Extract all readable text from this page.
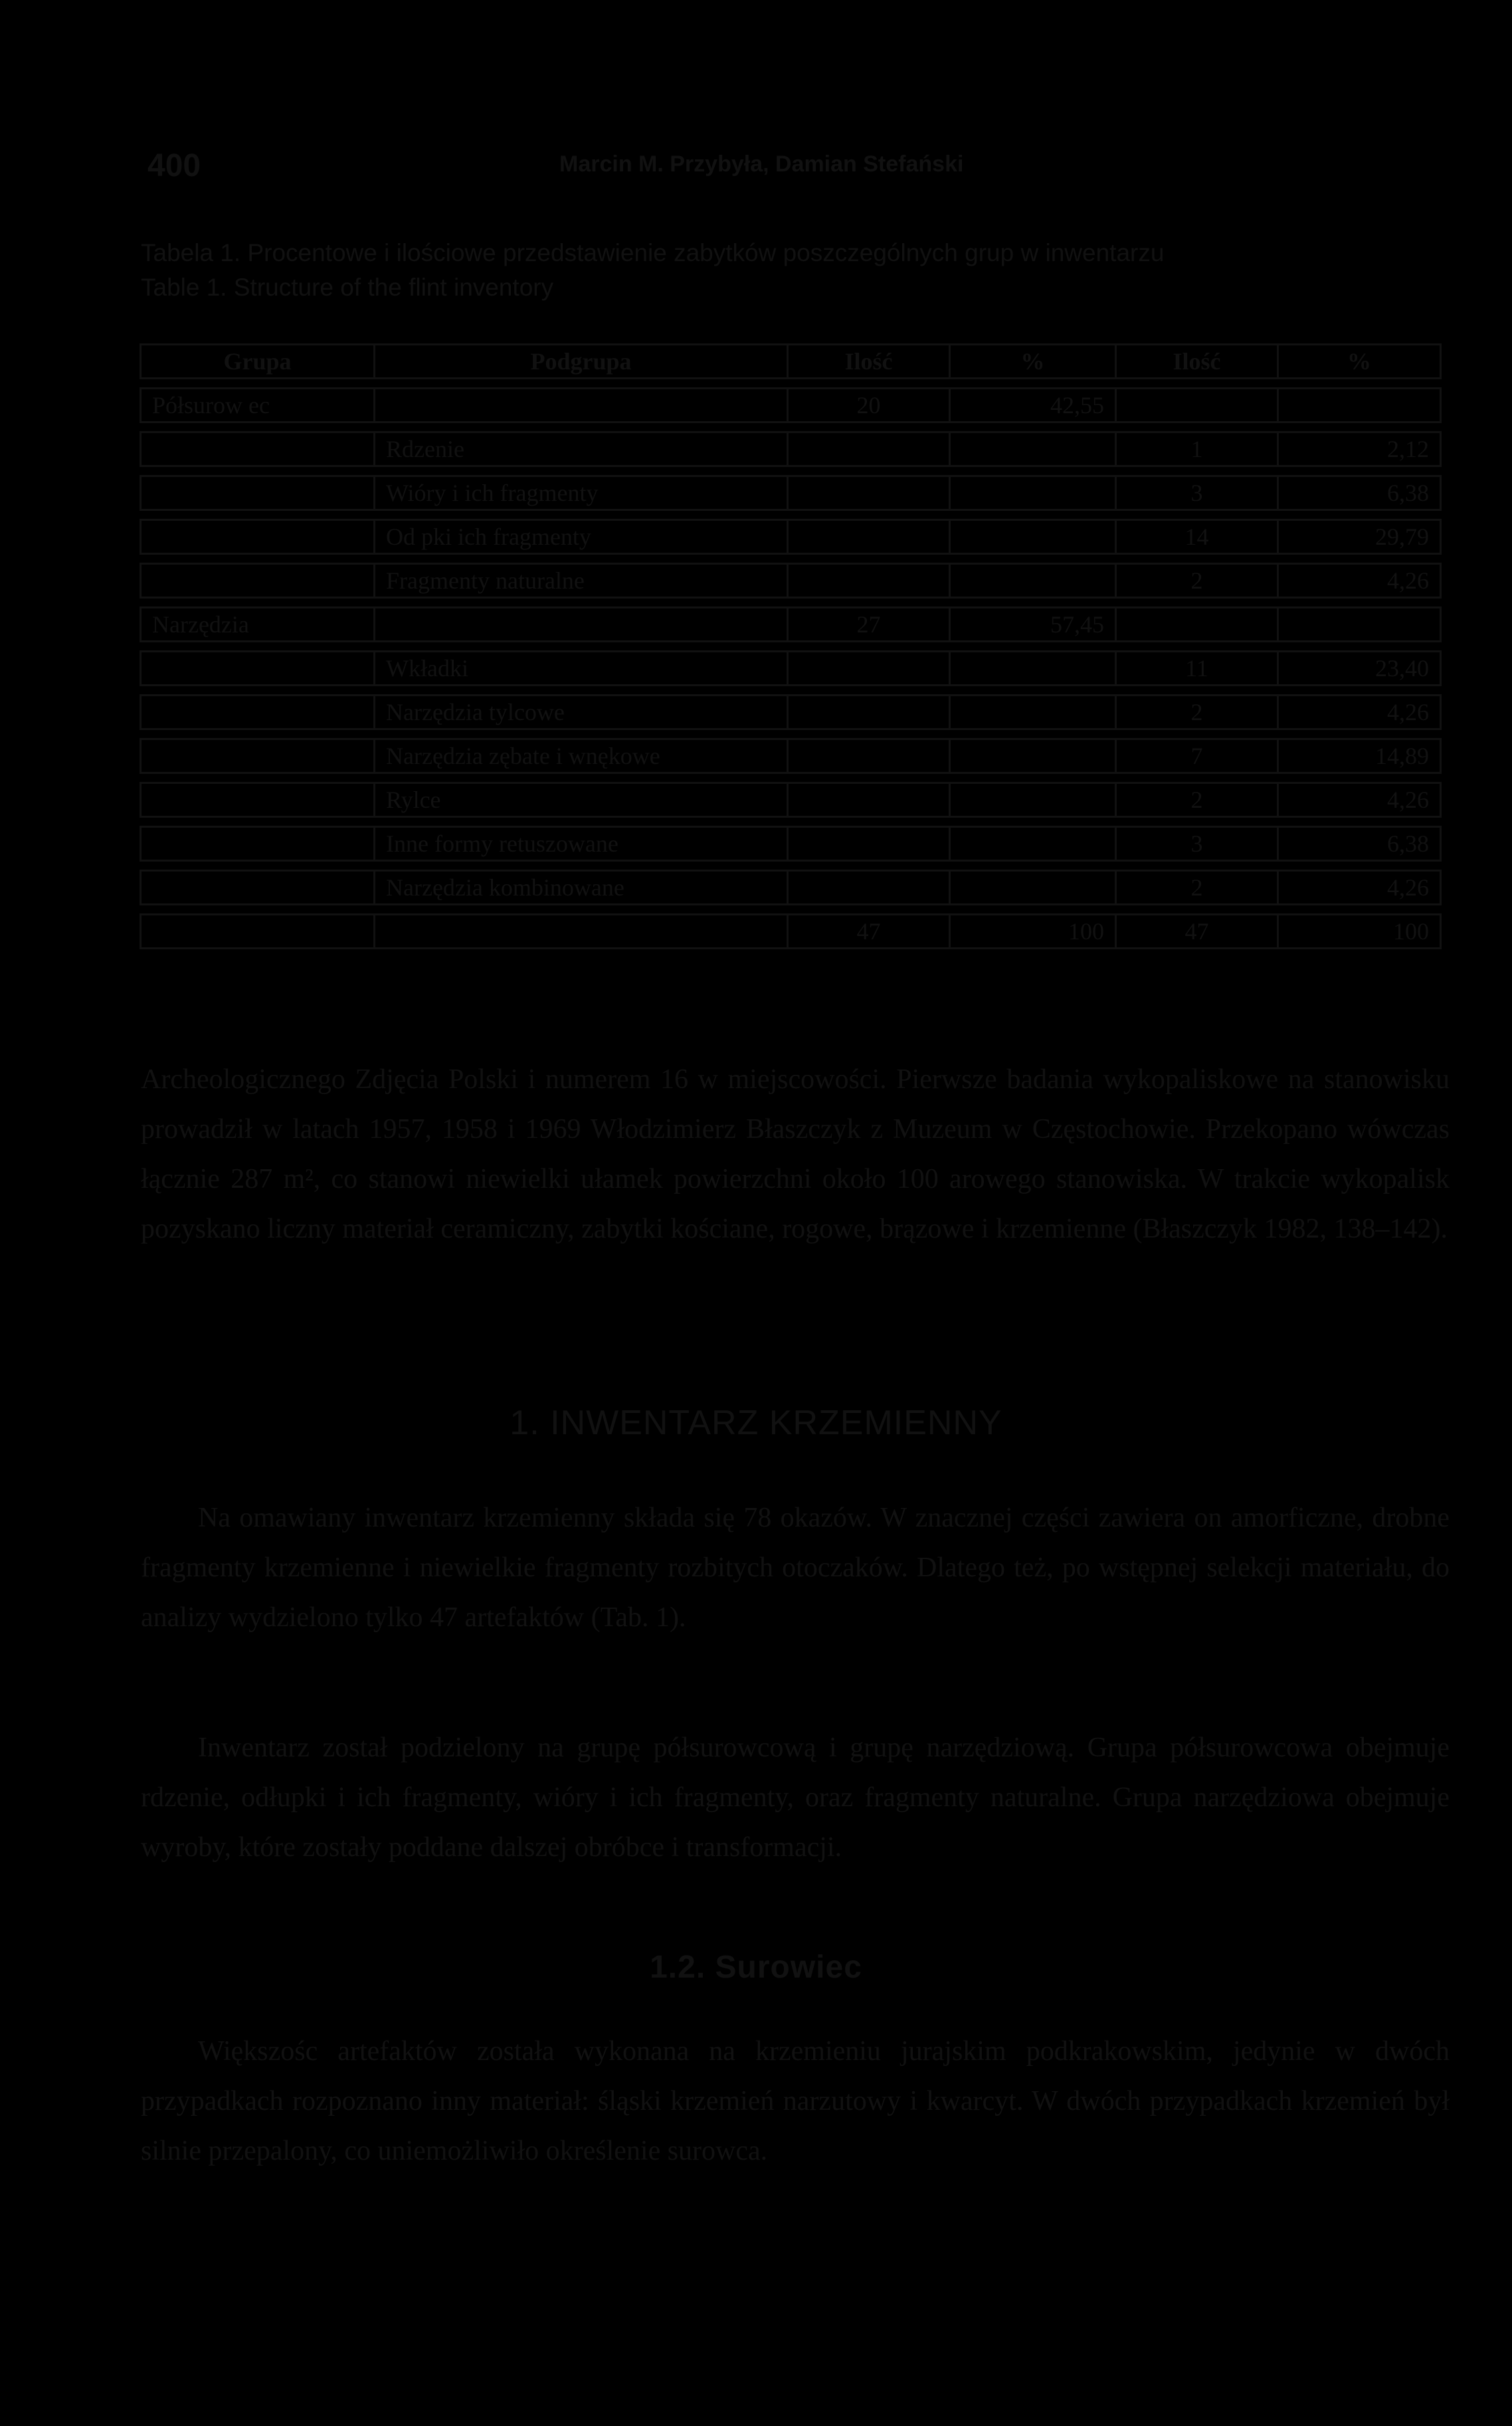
400	Marcin M. Przybyła, Damian Stefański
Tabela 1. Procentowe i ilościowe przedstawienie zabytków poszczególnych grup w inwentarzu
Table 1. Structure of the flint inventory
Grupa	Podgrupa	Ilość	%	Ilość	%
Półsurow ec		20	42,55		
	Rdzenie			1	2,12
	Wióry i ich fragmenty			3	6,38
	Od pki ich fragmenty			14	29,79
	Fragmenty naturalne			2	4,26
Narzędzia		27	57,45		
	Wkładki			11	23,40
	Narzędzia tylcowe			2	4,26
	Narzędzia zębate i wnękowe			7	14,89
	Rylce			2	4,26
	Inne formy retuszowane			3	6,38
	Narzędzia kombinowane			2	4,26
		47	100	47	100

Archeologicznego Zdjęcia Polski i numerem 16 w miejscowości. Pierwsze badania wykopaliskowe na stanowisku prowadził w latach 1957, 1958 i 1969 Włodzimierz Błaszczyk z Muzeum w Częstochowie. Przekopano wówczas łącznie 287 m², co stanowi niewielki ułamek powierzchni około 100 arowego stanowiska. W trakcie wykopalisk pozyskano liczny materiał ceramiczny, zabytki kościane, rogowe, brązowe i krzemienne (Błaszczyk 1982, 138–142).

1. INWENTARZ KRZEMIENNY

Na omawiany inwentarz krzemienny składa się 78 okazów. W znacznej części zawiera on amorficzne, drobne fragmenty krzemienne i niewielkie fragmenty rozbitych otoczaków. Dlatego też, po wstępnej selekcji materiału, do analizy wydzielono tylko 47 artefaktów (Tab. 1).

Inwentarz został podzielony na grupę półsurowcową i grupę narzędziową. Grupa półsurowcowa obejmuje rdzenie, odłupki i ich fragmenty, wióry i ich fragmenty, oraz fragmenty naturalne. Grupa narzędziowa obejmuje wyroby, które zostały poddane dalszej obróbce i transformacji.

1.2. Surowiec

Większośc artefaktów została wykonana na krzemieniu jurajskim podkrakowskim, jedynie w dwóch przypadkach rozpoznano inny materiał: śląski krzemień narzutowy i kwarcyt. W dwóch przypadkach krzemień był silnie przepalony, co uniemożliwiło określenie surowca.
